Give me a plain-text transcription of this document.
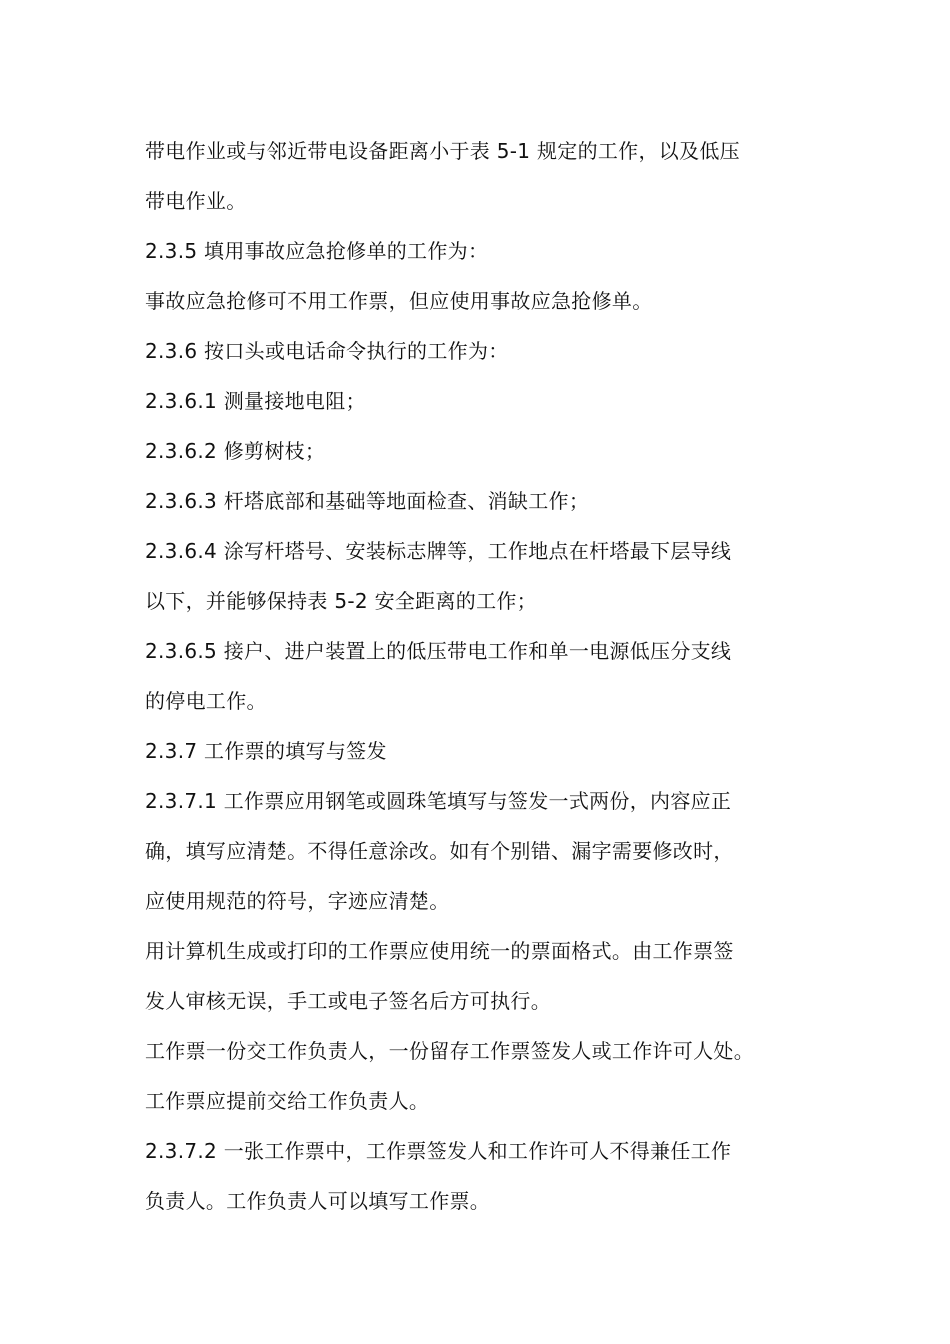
带电作业或与邻近带电设备距离小于表 5-1 规定的工作，以及低压
带电作业。
2.3.5 填用事故应急抢修单的工作为：
事故应急抢修可不用工作票，但应使用事故应急抢修单。
2.3.6 按口头或电话命令执行的工作为：
2.3.6.1 测量接地电阻；
2.3.6.2 修剪树枝；
2.3.6.3 杆塔底部和基础等地面检查、消缺工作；
2.3.6.4 涂写杆塔号、安装标志牌等，工作地点在杆塔最下层导线
以下，并能够保持表 5-2 安全距离的工作；
2.3.6.5 接户、进户装置上的低压带电工作和单一电源低压分支线
的停电工作。
2.3.7 工作票的填写与签发
2.3.7.1 工作票应用钢笔或圆珠笔填写与签发一式两份，内容应正
确，填写应清楚。不得任意涂改。如有个别错、漏字需要修改时，
应使用规范的符号，字迹应清楚。
用计算机生成或打印的工作票应使用统一的票面格式。由工作票签
发人审核无误，手工或电子签名后方可执行。
工作票一份交工作负责人，一份留存工作票签发人或工作许可人处。
工作票应提前交给工作负责人。
2.3.7.2 一张工作票中，工作票签发人和工作许可人不得兼任工作
负责人。工作负责人可以填写工作票。
